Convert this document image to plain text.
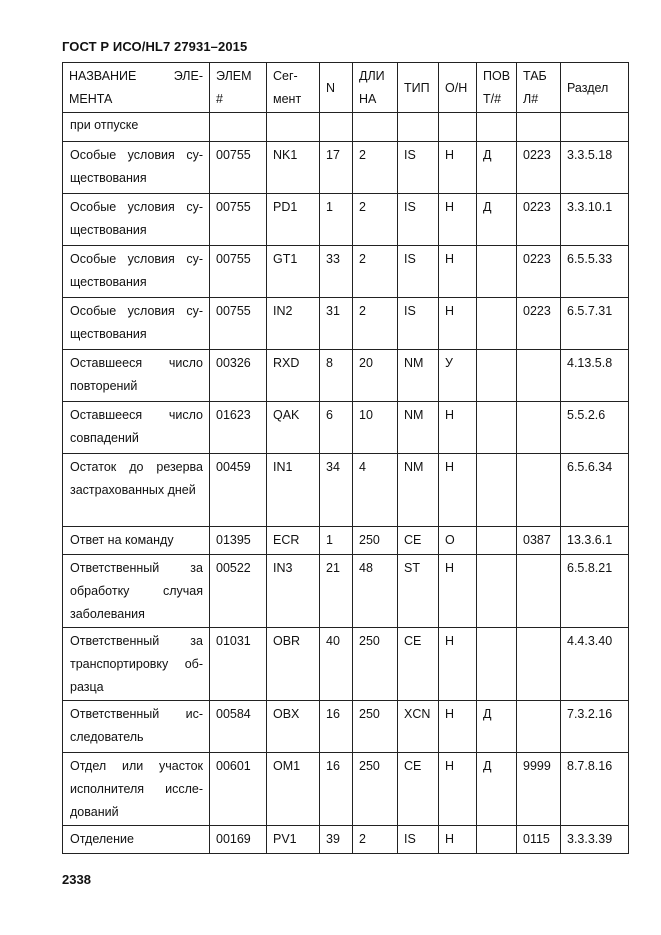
ГОСТ Р ИСО/HL7 27931–2015
НАЗВАНИЕ ЭЛЕ-МЕНТА	ЭЛЕМ #	Сег-мент	N	ДЛИ НА	ТИП	О/Н	ПОВ Т/#	ТАБ Л#	Раздел
при отпуске									
Особые условия су-ществования	00755	NK1	17	2	IS	Н	Д	0223	3.3.5.18
Особые условия су-ществования	00755	PD1	1	2	IS	Н	Д	0223	3.3.10.1
Особые условия су-ществования	00755	GT1	33	2	IS	Н		0223	6.5.5.33
Особые условия су-ществования	00755	IN2	31	2	IS	Н		0223	6.5.7.31
Оставшееся число повторений	00326	RXD	8	20	NM	У			4.13.5.8
Оставшееся число совпадений	01623	QAK	6	10	NM	Н			5.5.2.6
Остаток до резерва застрахованных дней	00459	IN1	34	4	NM	Н			6.5.6.34
Ответ на команду	01395	ECR	1	250	CE	О		0387	13.3.6.1
Ответственный за обработку случая заболевания	00522	IN3	21	48	ST	Н			6.5.8.21
Ответственный за транспортировку об-разца	01031	OBR	40	250	CE	Н			4.4.3.40
Ответственный ис-следователь	00584	OBX	16	250	XCN	Н	Д		7.3.2.16
Отдел или участок исполнителя иссле-дований	00601	OM1	16	250	CE	Н	Д	9999	8.7.8.16
Отделение	00169	PV1	39	2	IS	Н		0115	3.3.3.39
2338
